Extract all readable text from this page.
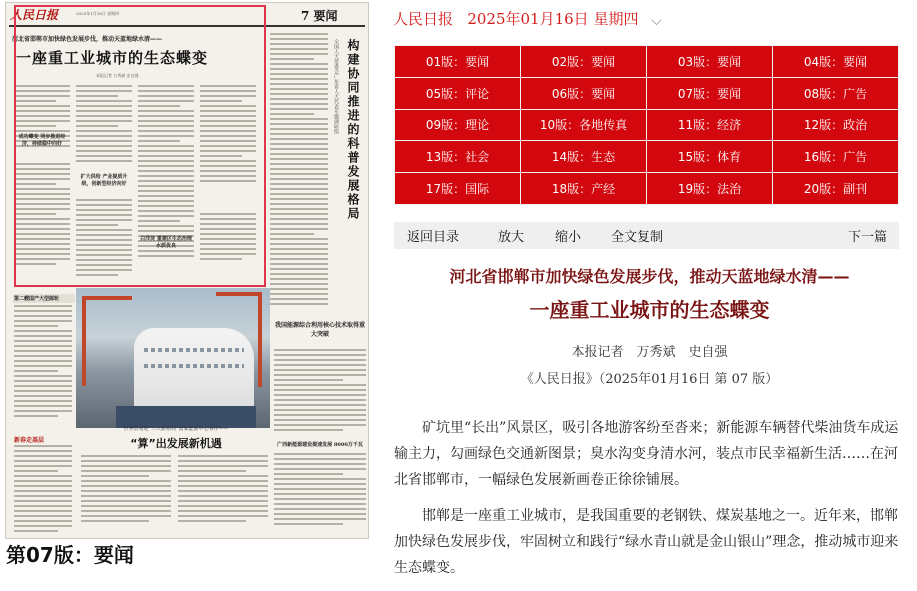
人民日报	2025年1月16日 星期四	7 要闻
河北省邯郸市加快绿色发展步伐，推动天蓝地绿水清——
一座重工业城市的生态蝶变
本报记者 万秀斌 史自强
成功蝶变 同步推进经济，持续稳中向好
扩大供给 产业提质升级，创新型经济向好
白洋淀 重建区生态治理 水质优良
全国人大常委会广东省人大代表专题调研组 构建协同推进的科普发展格局
第二艘国产大型邮轮
我国能源综合利用核心技术取得重大突破
广西新能源建设提速发展 8000万千瓦
新春走基层
世界贸易迎“三大新格局”国家能源中心事件——
“算”出发展新机遇
第07版：要闻
人民日报 2025年01月16日 星期四 ⌵
01版：要闻	02版：要闻	03版：要闻	04版：要闻
05版：评论	06版：要闻	07版：要闻	08版：广告
09版：理论	10版：各地传真	11版：经济	12版：政治
13版：社会	14版：生态	15版：体育	16版：广告
17版：国际	18版：产经	19版：法治	20版：副刊
返回目录	放大 缩小 全文复制	下一篇
河北省邯郸市加快绿色发展步伐，推动天蓝地绿水清——
一座重工业城市的生态蝶变
本报记者　万秀斌　史自强
《人民日报》（2025年01月16日 第 07 版）

矿坑里“长出”风景区，吸引各地游客纷至沓来；新能源车辆替代柴油货车成运输主力，勾画绿色交通新图景；臭水沟变身清水河，装点市民幸福新生活……在河北省邯郸市，一幅绿色发展新画卷正徐徐铺展。

邯郸是一座重工业城市，是我国重要的老钢铁、煤炭基地之一。近年来，邯郸加快绿色发展步伐，牢固树立和践行“绿水青山就是金山银山”理念，推动城市迎来生态蝶变。
